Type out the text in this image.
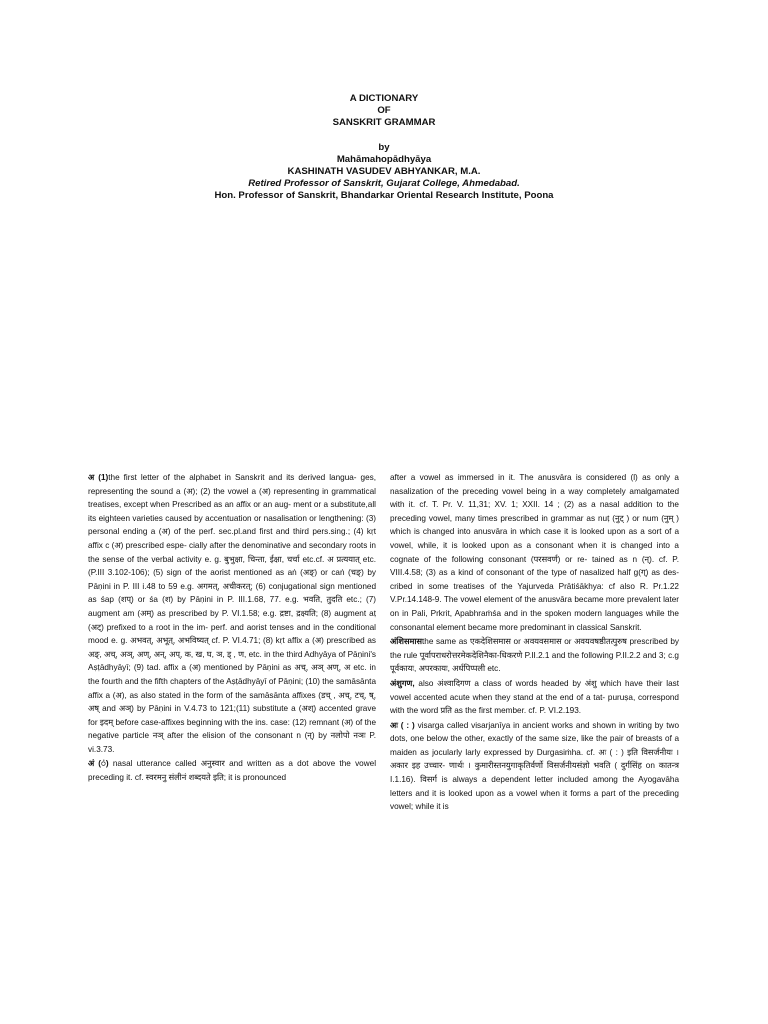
A DICTIONARY
OF
SANSKRIT GRAMMAR
by
Mahāmahopādhyāya
KASHINATH VASUDEV ABHYANKAR, M.A.
Retired Professor of Sanskrit, Gujarat College, Ahmedabad.
Hon. Professor of Sanskrit, Bhandarkar Oriental Research Institute, Poona

अ (1)the first letter of the alphabet in Sanskrit and its derived langua- ges, representing the sound a (अ); (2) the vowel a (अ) representing in grammatical treatises, except when Prescribed as an affix or an aug- ment or a substitute,all its eighteen varieties caused by accentuation or nasalisation or lengthening: (3) personal ending a (अ) of the perf. sec.pl.and first and third pers.sing.; (4) kṛt affix c (अ) prescribed espe- cially after the denominative and secondary roots in the sense of the verbal activity e. g. बुभुक्षा, चिन्ता, ईक्षा, चर्चा etc.cf. अ प्रत्ययात् etc. (P.III 3.102-106); (5) sign of the aorist mentioned as aṅ (अङ्) or caṅ (चङ्) by Pāṇini in P. III i.48 to 59 e.g. अगमत्, अचीकरत्; (6) conjugational sign mentioned as śap (शप्) or śa (श) by Pāṇini in P. III.1.68, 77. e.g. भवति, तुदति etc.; (7) augment am (अम्) as prescribed by P. VI.1.58; e.g. द्रष्टा, द्रक्ष्यति; (8) augment aṭ (अट्) prefixed to a root in the im- perf. and aorist tenses and in the conditional mood e. g. अभवत्, अभूत्, अभविष्यत् cf. P. VI.4.71; (8) kṛt affix a (अ) prescribed as अङ्, अच्, अञ्, अण्, अन्, अप्, क, ख, घ, ञ, ड् , ण, etc. in the third Adhyāya of Pāṇini's Aṣṭādhyāyī; (9) tad. affix a (अ) mentioned by Pāṇini as अच्, अञ् अण्, अ etc. in the fourth and the fifth chapters of the Aṣṭādhyāyī of Pāṇini; (10) the samāsānta affix a (अ), as also stated in the form of the samāsānta affixes (डच् , अच्, टच्, ष्, अष् and अञ्) by Pāṇini in V.4.73 to 121;(11) substitute a (अश्) accented grave for इदम् before case-affixes beginning with the ins. case: (12) remnant (अ) of the negative particle नञ् after the elision of the consonant n (न्) by नलोपो नञः P. vi.3.73.

अं (ं) nasal utterance called अनुस्वार and written as a dot above the vowel preceding it. cf. स्वरमनु संलीनं शब्दयते इति; it is pronounced

after a vowel as immersed in it. The anusvāra is considered (l) as only a nasalization of the preceding vowel being in a way completely amalgamated with it. cf. T. Pr. V. 11,31; XV. 1; XXII. 14 ; (2) as a nasal addition to the preceding vowel, many times prescribed in grammar as nuṭ (नुट् ) or num (नुम् ) which is changed into anusvāra in which case it is looked upon as a sort of a vowel, while, it is looked upon as a consonant when it is changed into a cognate of the following consonant (परसवर्ण) or re- tained as n (न्). cf. P. VIII.4.58; (3) as a kind of consonant of the type of nasalized half g(ग्) as des- cribed in some treatises of the Yajurveda Prātiśākhya: cf also R. Pr.1.22 V.Pr.14.148-9. The vowel element of the anusvāra became more prevalent later on in Pali, Prkrit, Apabhraṁśa and in the spoken modern languages while the consonantal element became more predominant in classical Sanskrit.

अंशिसमासthe same as एकदेशिसमास or अवयवसमास or अवयवषष्ठीतत्पुरुष prescribed by the rule पूर्वापराधरोत्तरमेकदेशिनैका-धिकरणे P.II.2.1 and the following P.II.2.2 and 3; c.g पूर्वकायः, अपरकायः, अर्धपिप्पली etc.

अंशुगण, also अंश्वादिगण a class of words headed by अंशु which have their last vowel accented acute when they stand at the end of a tat- puruṣa, correspond with the word प्रति as the first member. cf. P. VI.2.193.

अः ( : ) visarga called visarjanīya in ancient works and shown in writing by two dots, one below the other, exactly of the same size, like the pair of breasts of a maiden as jocularly larly expressed by Durgasiṁha. cf. अः ( : ) इति विसर्जनीयः । अकार इह उच्चार- णार्थः । कुमारीस्तनयुगाकृतिर्वर्णो विसर्जनीयसंज्ञो भवति ( दुर्गसिंह on कातन्त्र I.1.16). विसर्ग is always a dependent letter included among the Ayogavāha letters and it is looked upon as a vowel when it forms a part of the preceding vowel; while it is
